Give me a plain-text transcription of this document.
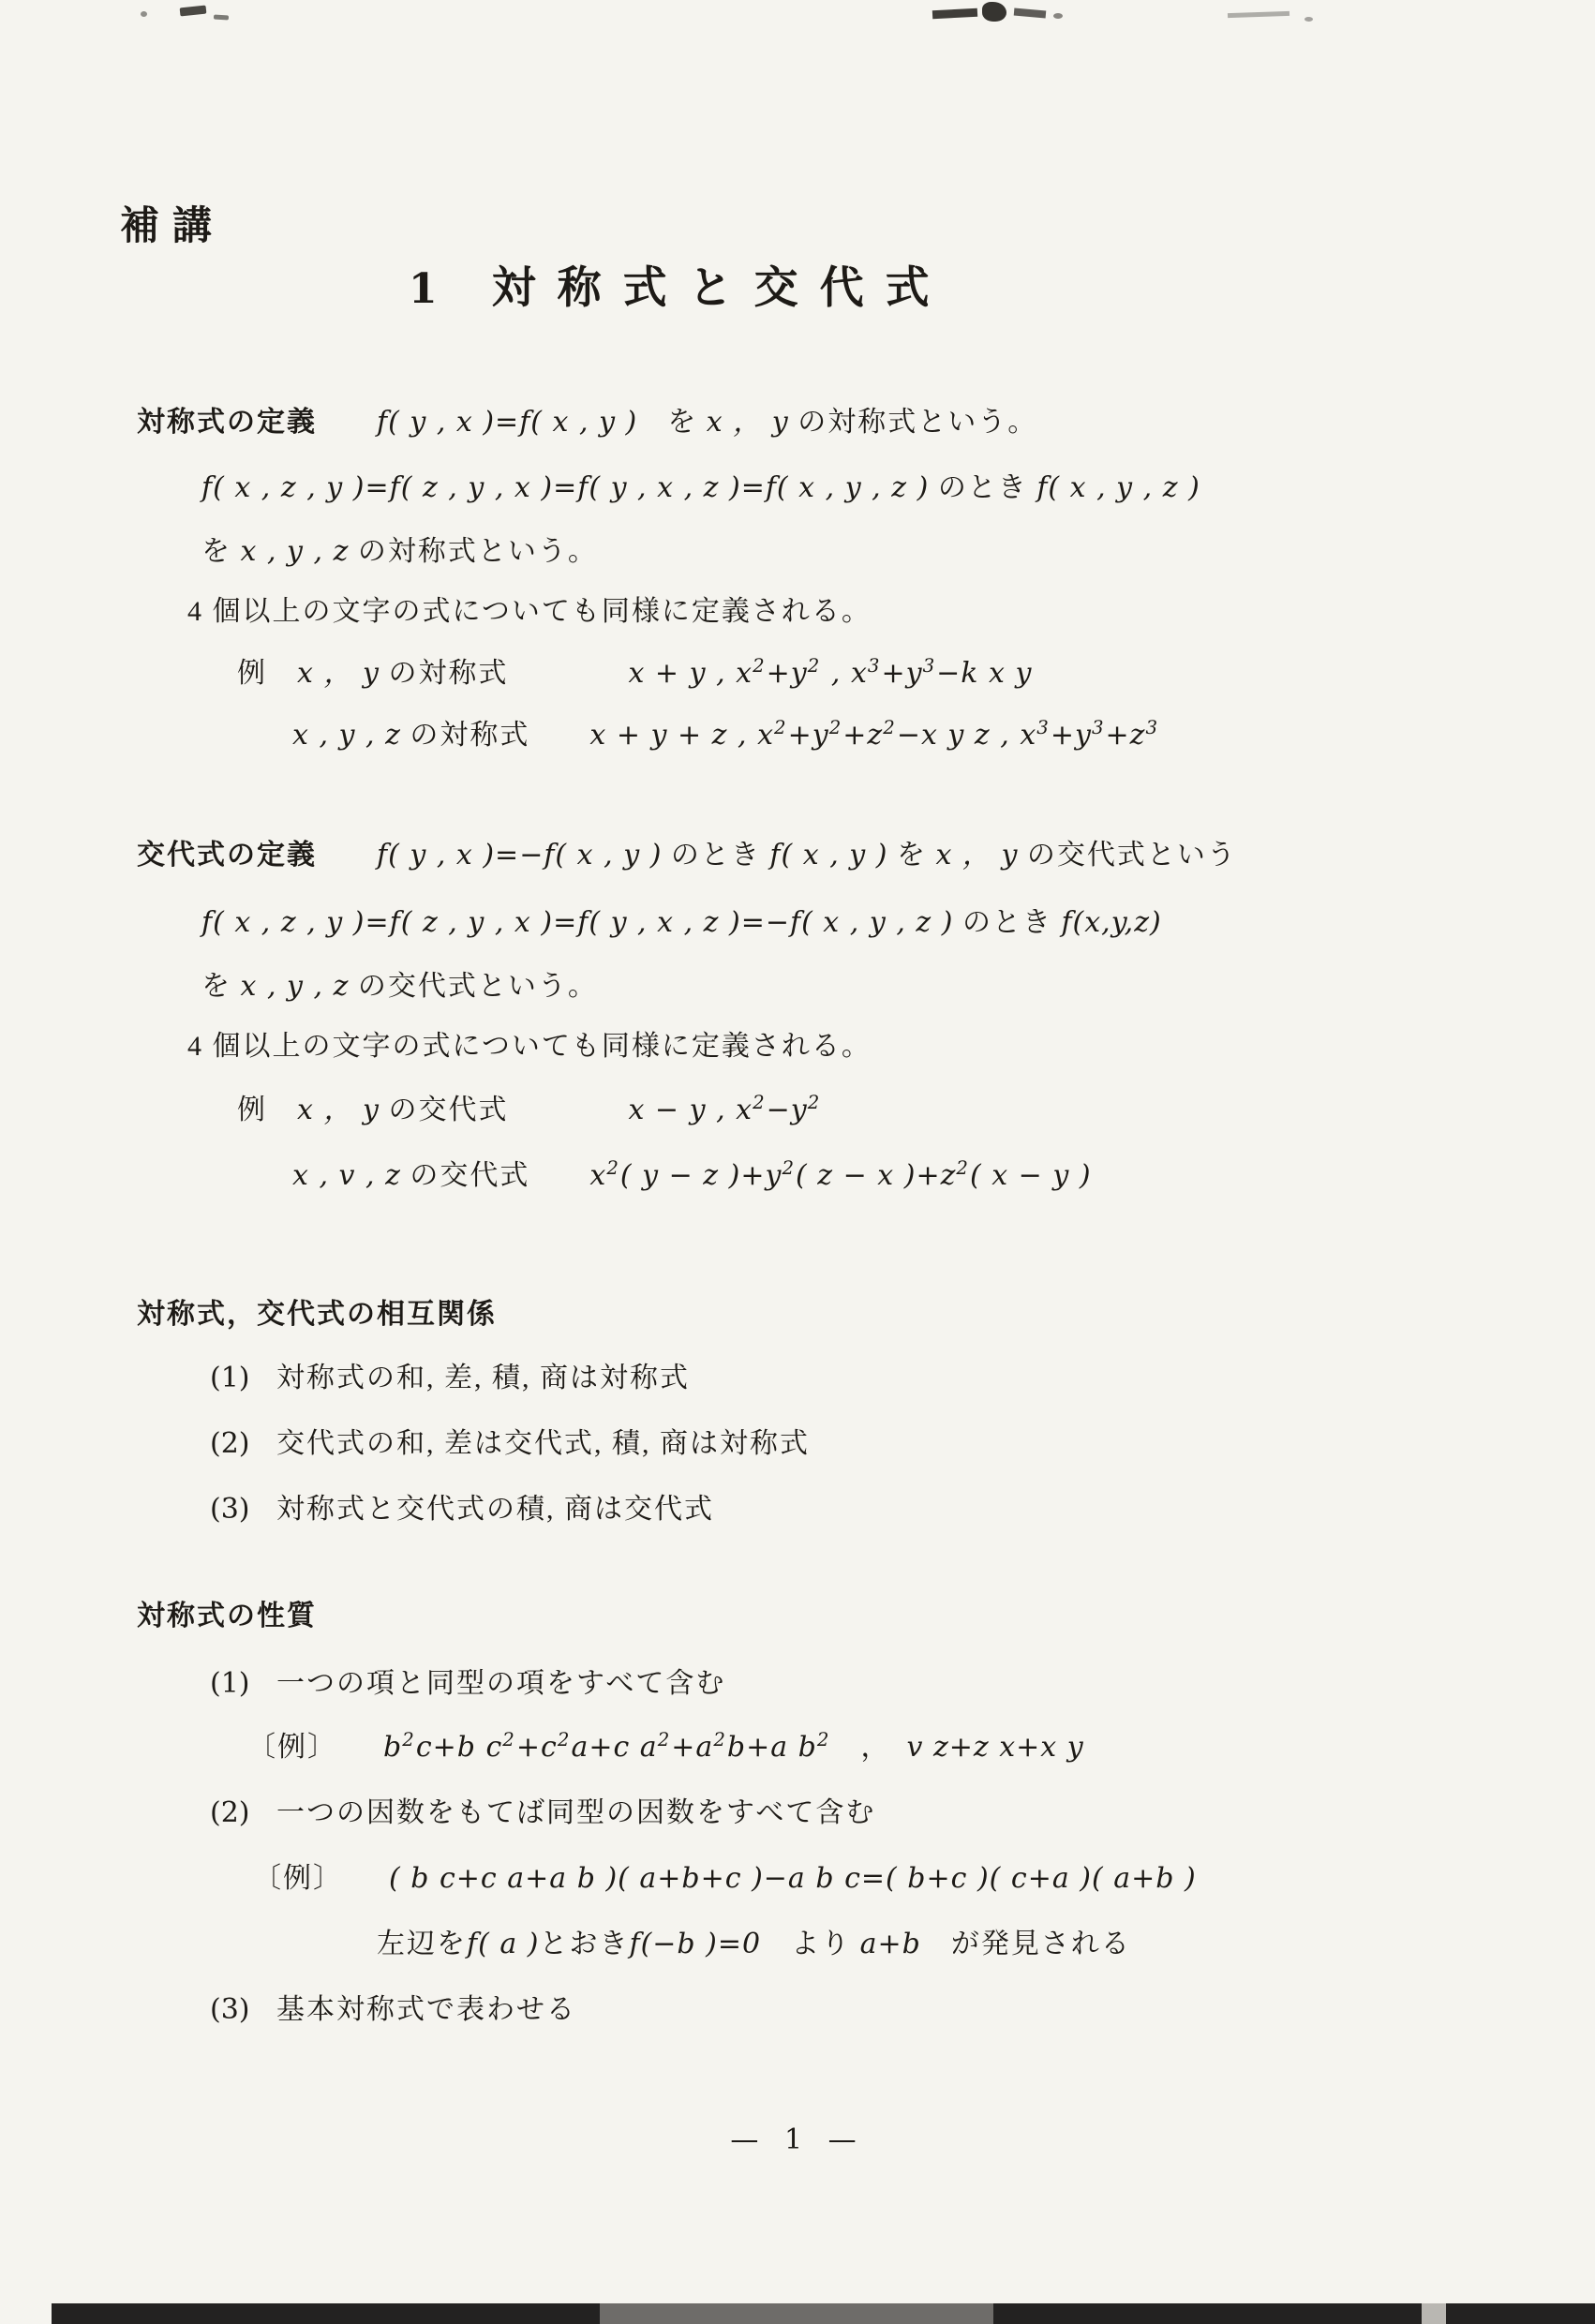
補講
1 対称式と交代式
対称式の定義　　 f( y , x )=f( x , y )　を x ， y の対称式という。
f( x , z , y )=f( z , y , x )=f( y , x , z )=f( x , y , z ) のとき f( x , y , z )
を x , y , z の対称式という。
4 個以上の文字の式についても同様に定義される。
例　x ， y の対称式　　　　	x + y , $x^2+y^2$ , $x^3+y^3-k$ x y
x , y , z の対称式　　 x + y + z , $x^2+y^2+z^2-x$ y z , $x^3+y^3+z^3$
交代式の定義　　 f( y , x )=−f( x , y ) のとき f( x , y ) を x ， y の交代式という
f( x , z , y )=f( z , y , x )=f( y , x , z )=−f( x , y , z ) のとき f(x,y,z)
を x , y , z の交代式という。
4 個以上の文字の式についても同様に定義される。
例　x ， y の交代式　　　　	x − y , $x^2-y^2$
x , v , z の交代式　　 $x^2$( y − z )$+y^2$( z − x )$+z^2$( x − y )
対称式，交代式の相互関係
(1) 対称式の和, 差, 積, 商は対称式
(2) 交代式の和, 差は交代式, 積, 商は対称式
(3) 対称式と交代式の積, 商は交代式
対称式の性質
(1) 一つの項と同型の項をすべて含む
〔例〕　　 $b^2c+b$ $c^2+c^2a+c$ $a^2+a^2b+a$ $b^2$　，　v z+z x+x y
(2) 一つの因数をもてば同型の因数をすべて含む
〔例〕　　 ( b c+c a+a b )( a+b+c )−a b c=( b+c )( c+a )( a+b )
左辺をf( a )とおきf(−b )=0　より a+b　が発見される
(3) 基本対称式で表わせる
— 1 —
